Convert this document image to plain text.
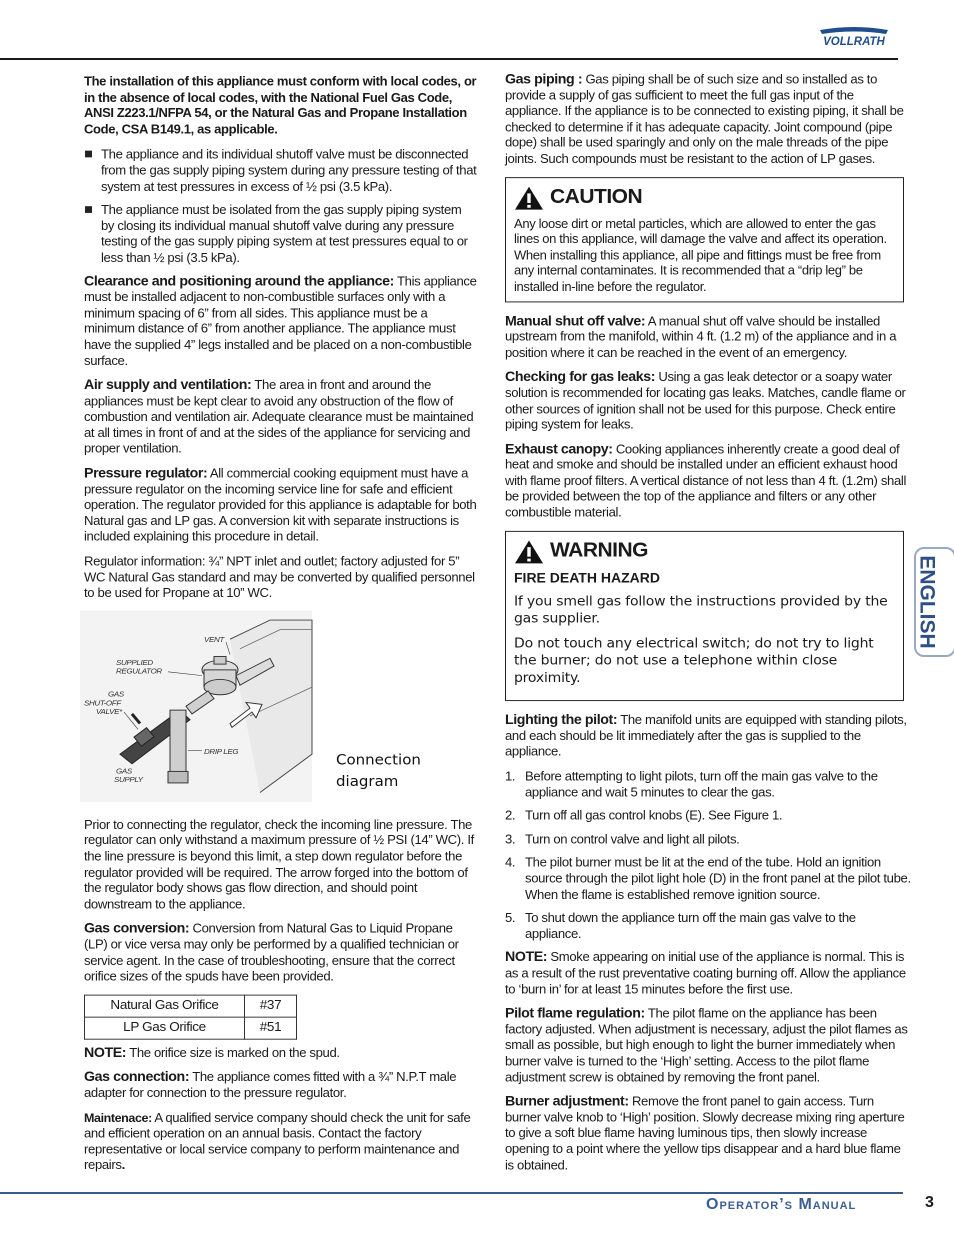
VOLLRATH

The installation of this appliance must conform with local codes, or in the absence of local codes, with the National Fuel Gas Code, ANSI Z223.1/NFPA 54, or the Natural Gas and Propane Installation Code, CSA B149.1, as applicable.

The appliance and its individual shutoff valve must be disconnected from the gas supply piping system during any pressure testing of that system at test pressures in excess of ½ psi (3.5 kPa).
The appliance must be isolated from the gas supply piping system by closing its individual manual shutoff valve during any pressure testing of the gas supply piping system at test pressures equal to or less than ½ psi (3.5 kPa).

Clearance and positioning around the appliance: This appliance must be installed adjacent to non-combustible surfaces only with a minimum spacing of 6” from all sides. This appliance must be a minimum distance of 6” from another appliance. The appliance must have the supplied 4” legs installed and be placed on a non-combustible surface.

Air supply and ventilation: The area in front and around the appliances must be kept clear to avoid any obstruction of the flow of combustion and ventilation air. Adequate clearance must be maintained at all times in front of and at the sides of the appliance for servicing and proper ventilation.

Pressure regulator: All commercial cooking equipment must have a pressure regulator on the incoming service line for safe and efficient operation. The regulator provided for this appliance is adaptable for both Natural gas and LP gas. A conversion kit with separate instructions is included explaining this procedure in detail.

Regulator information: ¾” NPT inlet and outlet; factory adjusted for 5” WC Natural Gas standard and may be converted by qualified personnel to be used for Propane at 10” WC.

VENT
SUPPLIED
REGULATOR
GAS
SHUT-OFF
VALVE*
DRIP LEG
GAS
SUPPLY
Connection diagram

Prior to connecting the regulator, check the incoming line pressure. The regulator can only withstand a maximum pressure of ½ PSI (14” WC). If the line pressure is beyond this limit, a step down regulator before the regulator provided will be required. The arrow forged into the bottom of the regulator body shows gas flow direction, and should point downstream to the appliance.

Gas conversion: Conversion from Natural Gas to Liquid Propane (LP) or vice versa may only be performed by a qualified technician or service agent. In the case of troubleshooting, ensure that the correct orifice sizes of the spuds have been provided.

Natural Gas Orifice	#37
LP Gas Orifice	#51

NOTE: The orifice size is marked on the spud.

Gas connection: The appliance comes fitted with a ¾” N.P.T male adapter for connection to the pressure regulator.

Maintenace: A qualified service company should check the unit for safe and efficient operation on an annual basis. Contact the factory representative or local service company to perform maintenance and repairs.

Gas piping : Gas piping shall be of such size and so installed as to provide a supply of gas sufficient to meet the full gas input of the appliance. If the appliance is to be connected to existing piping, it shall be checked to determine if it has adequate capacity. Joint compound (pipe dope) shall be used sparingly and only on the male threads of the pipe joints. Such compounds must be resistant to the action of LP gases.

CAUTION
Any loose dirt or metal particles, which are allowed to enter the gas lines on this appliance, will damage the valve and affect its operation. When installing this appliance, all pipe and fittings must be free from any internal contaminates. It is recommended that a “drip leg” be installed in-line before the regulator.

Manual shut off valve: A manual shut off valve should be installed upstream from the manifold, within 4 ft. (1.2 m) of the appliance and in a position where it can be reached in the event of an emergency.

Checking for gas leaks: Using a gas leak detector or a soapy water solution is recommended for locating gas leaks. Matches, candle flame or other sources of ignition shall not be used for this purpose. Check entire piping system for leaks.

Exhaust canopy: Cooking appliances inherently create a good deal of heat and smoke and should be installed under an efficient exhaust hood with flame proof filters. A vertical distance of not less than 4 ft. (1.2m) shall be provided between the top of the appliance and filters or any other combustible material.

WARNING
FIRE DEATH HAZARD
If you smell gas follow the instructions provided by the gas supplier.
Do not touch any electrical switch; do not try to light the burner; do not use a telephone within close proximity.

Lighting the pilot: The manifold units are equipped with standing pilots, and each should be lit immediately after the gas is supplied to the appliance.

1. Before attempting to light pilots, turn off the main gas valve to the appliance and wait 5 minutes to clear the gas.
2. Turn off all gas control knobs (E). See Figure 1.
3. Turn on control valve and light all pilots.
4. The pilot burner must be lit at the end of the tube. Hold an ignition source through the pilot light hole (D) in the front panel at the pilot tube. When the flame is established remove ignition source.
5. To shut down the appliance turn off the main gas valve to the appliance.

NOTE: Smoke appearing on initial use of the appliance is normal. This is as a result of the rust preventative coating burning off. Allow the appliance to ‘burn in’ for at least 15 minutes before the first use.

Pilot flame regulation: The pilot flame on the appliance has been factory adjusted. When adjustment is necessary, adjust the pilot flames as small as possible, but high enough to light the burner immediately when burner valve is turned to the ‘High’ setting. Access to the pilot flame adjustment screw is obtained by removing the front panel.

Burner adjustment: Remove the front panel to gain access. Turn burner valve knob to ‘High’ position. Slowly decrease mixing ring aperture to give a soft blue flame having luminous tips, then slowly increase opening to a point where the yellow tips disappear and a hard blue flame is obtained.

ENGLISH
Operator’s Manual	3
